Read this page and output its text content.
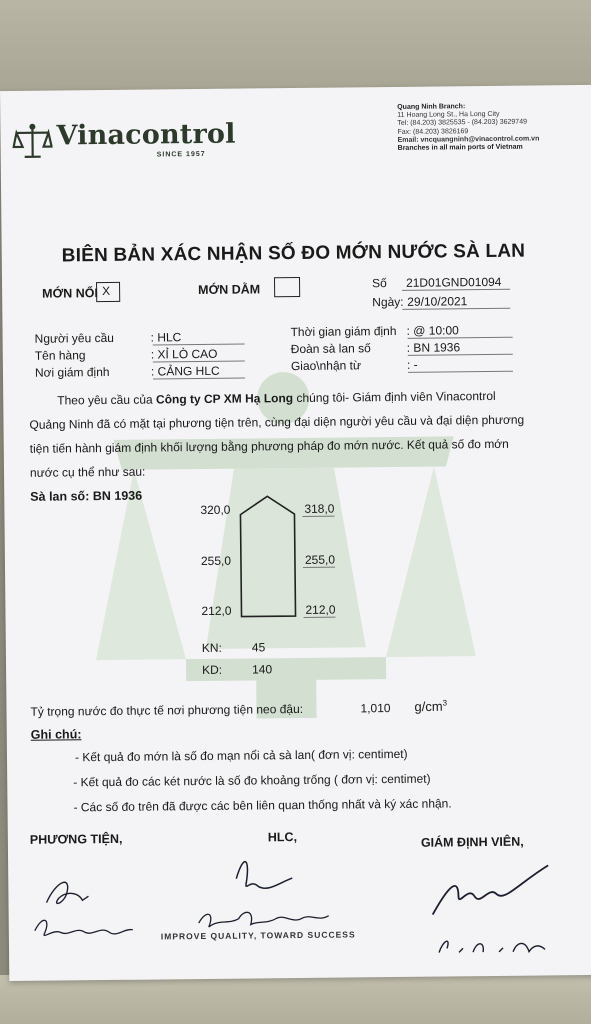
Vinacontrol
SINCE 1957
Quang Ninh Branch:
11 Hoang Long St., Ha Long City
Tel: (84.203) 3825535 - (84.203) 3629749
Fax: (84.203) 3826169
Email: vncquangninh@vinacontrol.com.vn
Branches in all main ports of Vietnam
BIÊN BẢN XÁC NHẬN SỐ ĐO MỚN NƯỚC SÀ LAN
MỚN NỔI X	MỚN DẰM	Số 21D01GND01094
Ngày: 29/10/2021
Người yêu cầu	: HLC
Tên hàng	: XỈ LÒ CAO
Nơi giám định	: CẢNG HLC
Thời gian giám định : @ 10:00
Đoàn sà lan số	: BN 1936
Giao\nhận từ	: -
Theo yêu cầu của Công ty CP XM Hạ Long chúng tôi- Giám định viên Vinacontrol Quảng Ninh đã có mặt tại phương tiện trên, cùng đại diện người yêu cầu và đại diện phương tiện tiến hành giám định khối lượng bằng phương pháp đo mớn nước. Kết quả số đo mớn nước cụ thể như sau:
Sà lan số: BN 1936
320,0	318,0
255,0	255,0
212,0	212,0
KN: 45
KD: 140
Tỷ trọng nước đo thực tế nơi phương tiện neo đậu:	1,010 $g/cm^3$
Ghi chú:
- Kết quả đo mớn là số đo mạn nổi cả sà lan( đơn vị: centimet)
- Kết quả đo các két nước là số đo khoảng trống ( đơn vị: centimet)
- Các số đo trên đã được các bên liên quan thống nhất và ký xác nhận.
PHƯƠNG TIỆN,	HLC,	GIÁM ĐỊNH VIÊN,
IMPROVE QUALITY, TOWARD SUCCESS
